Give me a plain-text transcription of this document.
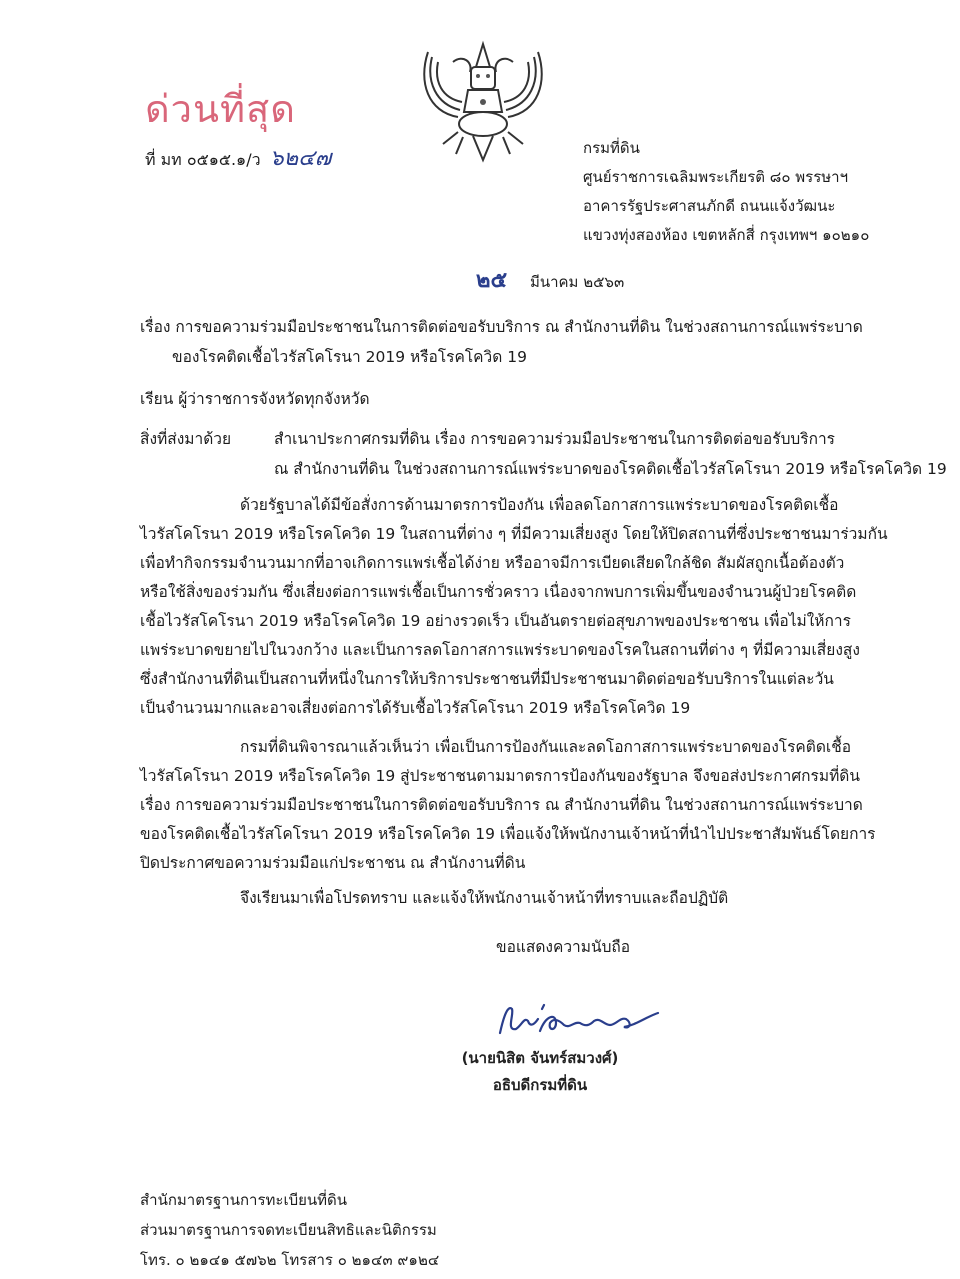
ด่วนที่สุด
ที่ มท ๐๕๑๕.๑/ว ๖๒๔๗	กรมที่ดิน
ศูนย์ราชการเฉลิมพระเกียรติ ๘๐ พรรษาฯ
อาคารรัฐประศาสนภักดี ถนนแจ้งวัฒนะ
แขวงทุ่งสองห้อง เขตหลักสี่ กรุงเทพฯ ๑๐๒๑๐
๒๕ มีนาคม ๒๕๖๓
เรื่อง การขอความร่วมมือประชาชนในการติดต่อขอรับบริการ ณ สำนักงานที่ดิน ในช่วงสถานการณ์แพร่ระบาด
ของโรคติดเชื้อไวรัสโคโรนา 2019 หรือโรคโควิด 19
เรียน ผู้ว่าราชการจังหวัดทุกจังหวัด
สิ่งที่ส่งมาด้วย	สำเนาประกาศกรมที่ดิน เรื่อง การขอความร่วมมือประชาชนในการติดต่อขอรับบริการ
ณ สำนักงานที่ดิน ในช่วงสถานการณ์แพร่ระบาดของโรคติดเชื้อไวรัสโคโรนา 2019 หรือโรคโควิด 19
ด้วยรัฐบาลได้มีข้อสั่งการด้านมาตรการป้องกัน เพื่อลดโอกาสการแพร่ระบาดของโรคติดเชื้อ
ไวรัสโคโรนา 2019 หรือโรคโควิด 19 ในสถานที่ต่าง ๆ ที่มีความเสี่ยงสูง โดยให้ปิดสถานที่ซึ่งประชาชนมาร่วมกัน
เพื่อทำกิจกรรมจำนวนมากที่อาจเกิดการแพร่เชื้อได้ง่าย หรืออาจมีการเบียดเสียดใกล้ชิด สัมผัสถูกเนื้อต้องตัว
หรือใช้สิ่งของร่วมกัน ซึ่งเสี่ยงต่อการแพร่เชื้อเป็นการชั่วคราว เนื่องจากพบการเพิ่มขึ้นของจำนวนผู้ป่วยโรคติด
เชื้อไวรัสโคโรนา 2019 หรือโรคโควิด 19 อย่างรวดเร็ว เป็นอันตรายต่อสุขภาพของประชาชน เพื่อไม่ให้การ
แพร่ระบาดขยายไปในวงกว้าง และเป็นการลดโอกาสการแพร่ระบาดของโรคในสถานที่ต่าง ๆ ที่มีความเสี่ยงสูง
ซึ่งสำนักงานที่ดินเป็นสถานที่หนึ่งในการให้บริการประชาชนที่มีประชาชนมาติดต่อขอรับบริการในแต่ละวัน
เป็นจำนวนมากและอาจเสี่ยงต่อการได้รับเชื้อไวรัสโคโรนา 2019 หรือโรคโควิด 19
กรมที่ดินพิจารณาแล้วเห็นว่า เพื่อเป็นการป้องกันและลดโอกาสการแพร่ระบาดของโรคติดเชื้อ
ไวรัสโคโรนา 2019 หรือโรคโควิด 19 สู่ประชาชนตามมาตรการป้องกันของรัฐบาล จึงขอส่งประกาศกรมที่ดิน
เรื่อง การขอความร่วมมือประชาชนในการติดต่อขอรับบริการ ณ สำนักงานที่ดิน ในช่วงสถานการณ์แพร่ระบาด
ของโรคติดเชื้อไวรัสโคโรนา 2019 หรือโรคโควิด 19 เพื่อแจ้งให้พนักงานเจ้าหน้าที่นำไปประชาสัมพันธ์โดยการ
ปิดประกาศขอความร่วมมือแก่ประชาชน ณ สำนักงานที่ดิน
จึงเรียนมาเพื่อโปรดทราบ และแจ้งให้พนักงานเจ้าหน้าที่ทราบและถือปฏิบัติ
ขอแสดงความนับถือ
(นายนิสิต จันทร์สมวงศ์)
อธิบดีกรมที่ดิน
สำนักมาตรฐานการทะเบียนที่ดิน
ส่วนมาตรฐานการจดทะเบียนสิทธิและนิติกรรม
โทร. ๐ ๒๑๔๑ ๕๗๖๒ โทรสาร ๐ ๒๑๔๓ ๙๑๒๔
